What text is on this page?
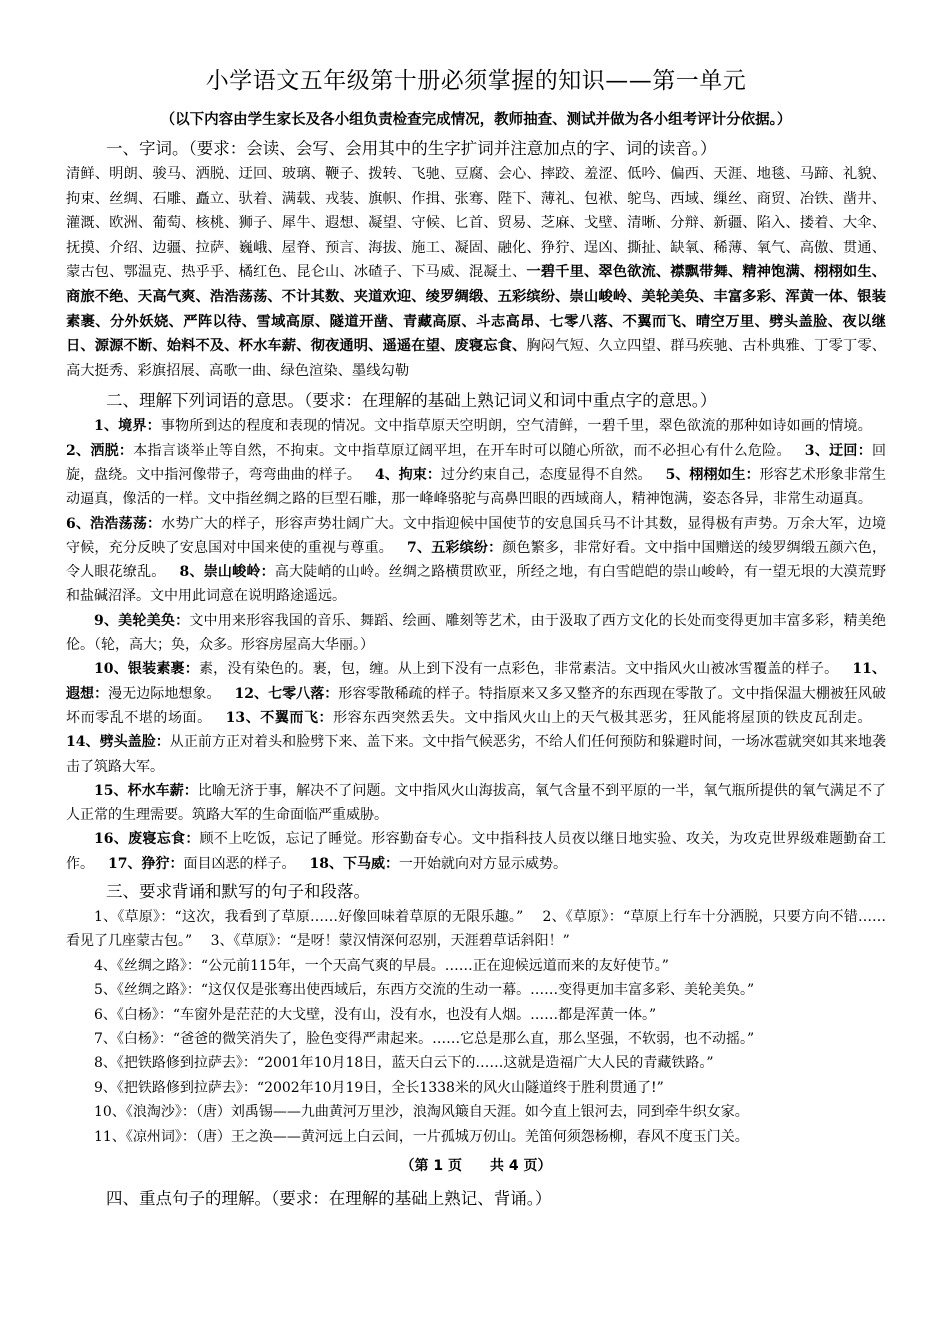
小学语文五年级第十册必须掌握的知识——第一单元
（以下内容由学生家长及各小组负责检查完成情况，教师抽查、测试并做为各小组考评计分依据。）
一、字词。（要求：会读、会写、会用其中的生字扩词并注意加点的字、词的读音。）

清鲜、明朗、骏马、洒脱、迂回、玻璃、鞭子、拨转、飞驰、豆腐、会心、摔跤、羞涩、低吟、偏西、天涯、地毯、马蹄、礼貌、拘束、丝绸、石雕、矗立、驮着、满载、戎装、旗帜、作揖、张骞、陛下、薄礼、包袱、鸵鸟、西域、缫丝、商贸、冶铁、凿井、灌溉、欧洲、葡萄、核桃、狮子、犀牛、遐想、凝望、守候、匕首、贸易、芝麻、戈壁、清晰、分辩、新疆、陷入、搂着、大伞、抚摸、介绍、边疆、拉萨、巍峨、屋脊、预言、海拔、施工、凝固、融化、狰狞、逞凶、撕扯、缺氧、稀薄、氧气、高傲、贯通、蒙古包、鄂温克、热乎乎、橘红色、昆仑山、冰碴子、下马威、混凝土、一碧千里、翠色欲流、襟飘带舞、精神饱满、栩栩如生、商旅不绝、天高气爽、浩浩荡荡、不计其数、夹道欢迎、绫罗绸缎、五彩缤纷、崇山峻岭、美轮美奂、丰富多彩、浑黄一体、银装素裹、分外妖娆、严阵以待、雪域高原、隧道开凿、青藏高原、斗志高昂、七零八落、不翼而飞、晴空万里、劈头盖脸、夜以继日、源源不断、始料不及、杯水车薪、彻夜通明、遥遥在望、废寝忘食、胸闷气短、久立四望、群马疾驰、古朴典雅、丁零丁零、高大挺秀、彩旗招展、高歌一曲、绿色渲染、墨线勾勒

二、理解下列词语的意思。（要求：在理解的基础上熟记词义和词中重点字的意思。）

1、境界：事物所到达的程度和表现的情况。文中指草原天空明朗，空气清鲜，一碧千里，翠色欲流的那种如诗如画的情境。2、洒脱：本指言谈举止等自然，不拘束。文中指草原辽阔平坦，在开车时可以随心所欲，而不必担心有什么危险。 3、迂回：回旋，盘绕。文中指河像带子，弯弯曲曲的样子。 4、拘束：过分约束自己，态度显得不自然。 5、栩栩如生：形容艺术形象非常生动逼真，像活的一样。文中指丝绸之路的巨型石雕，那一峰峰骆驼与高鼻凹眼的西域商人，精神饱满，姿态各异，非常生动逼真。6、浩浩荡荡：水势广大的样子，形容声势壮阔广大。文中指迎候中国使节的安息国兵马不计其数，显得极有声势。万余大军，边境守候，充分反映了安息国对中国来使的重视与尊重。 7、五彩缤纷：颜色繁多，非常好看。文中指中国赠送的绫罗绸缎五颜六色，令人眼花缭乱。 8、崇山峻岭：高大陡峭的山岭。丝绸之路横贯欧亚，所经之地，有白雪皑皑的崇山峻岭，有一望无垠的大漠荒野和盐碱沼泽。文中用此词意在说明路途遥远。

9、美轮美奂：文中用来形容我国的音乐、舞蹈、绘画、雕刻等艺术，由于汲取了西方文化的长处而变得更加丰富多彩，精美绝伦。（轮，高大；奂，众多。形容房屋高大华丽。）

10、银装素裹：素，没有染色的。裹，包，缠。从上到下没有一点彩色，非常素洁。文中指风火山被冰雪覆盖的样子。 11、遐想：漫无边际地想象。 12、七零八落：形容零散稀疏的样子。特指原来又多又整齐的东西现在零散了。文中指保温大棚被狂风破坏而零乱不堪的场面。 13、不翼而飞：形容东西突然丢失。文中指风火山上的天气极其恶劣，狂风能将屋顶的铁皮瓦刮走。14、劈头盖脸：从正前方正对着头和脸劈下来、盖下来。文中指气候恶劣，不给人们任何预防和躲避时间，一场冰雹就突如其来地袭击了筑路大军。

15、杯水车薪：比喻无济于事，解决不了问题。文中指风火山海拔高，氧气含量不到平原的一半，氧气瓶所提供的氧气满足不了人正常的生理需要。筑路大军的生命面临严重威胁。

16、废寝忘食：顾不上吃饭，忘记了睡觉。形容勤奋专心。文中指科技人员夜以继日地实验、攻关，为攻克世界级难题勤奋工作。 17、狰狞：面目凶恶的样子。 18、下马威：一开始就向对方显示威势。

三、要求背诵和默写的句子和段落。

1、《草原》：“这次，我看到了草原……好像回味着草原的无限乐趣。”　 2、《草原》：“草原上行车十分洒脱，只要方向不错……看见了几座蒙古包。”　 3、《草原》：“是呀！蒙汉情深何忍别，天涯碧草话斜阳！”

4、《丝绸之路》：“公元前115年，一个天高气爽的早晨。……正在迎候远道而来的友好使节。”

5、《丝绸之路》：“这仅仅是张骞出使西域后，东西方交流的生动一幕。……变得更加丰富多彩、美轮美奂。”

6、《白杨》：“车窗外是茫茫的大戈壁，没有山，没有水，也没有人烟。……都是浑黄一体。”

7、《白杨》：“爸爸的微笑消失了，脸色变得严肃起来。……它总是那么直，那么坚强，不软弱，也不动摇。”

8、《把铁路修到拉萨去》：“2001年10月18日，蓝天白云下的……这就是造福广大人民的青藏铁路。”

9、《把铁路修到拉萨去》：“2002年10月19日，全长1338米的风火山隧道终于胜利贯通了!”

10、《浪淘沙》：（唐）刘禹锡——九曲黄河万里沙，浪淘风簸自天涯。如今直上银河去，同到牵牛织女家。

11、《凉州词》：（唐）王之涣——黄河远上白云间，一片孤城万仞山。羌笛何须怨杨柳，春风不度玉门关。

（第 1 页　　共 4 页）
四、重点句子的理解。（要求：在理解的基础上熟记、背诵。）
